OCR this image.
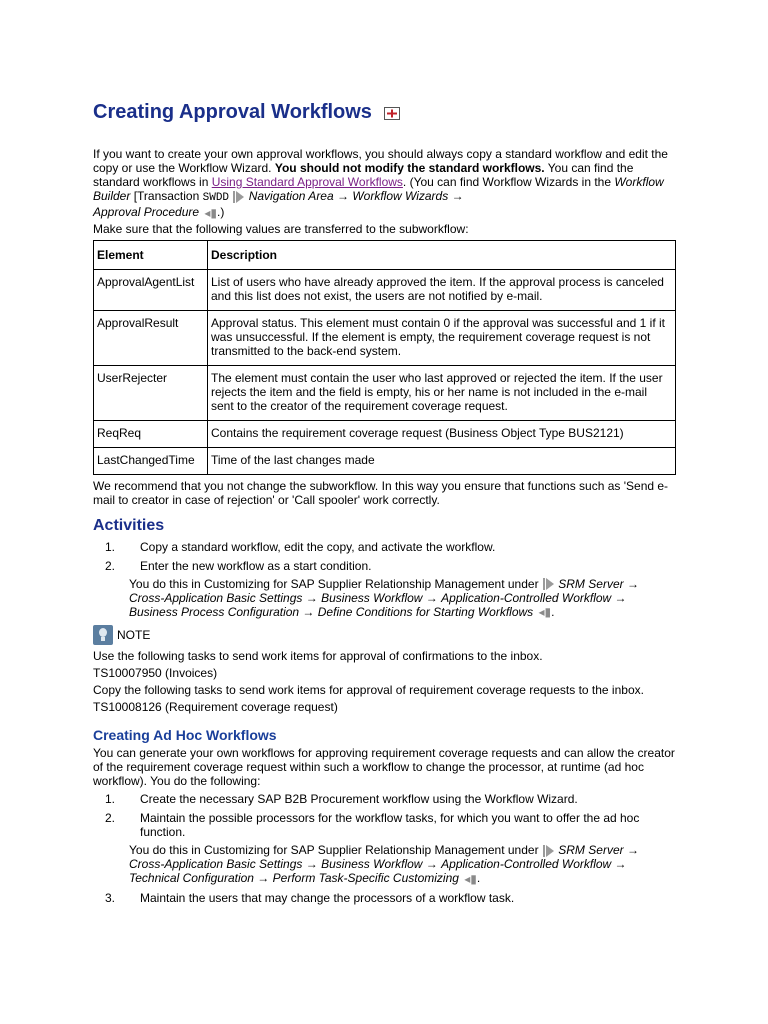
Creating Approval Workflows

If you want to create your own approval workflows, you should always copy a standard workflow and edit the copy or use the Workflow Wizard. You should not modify the standard workflows. You can find the standard workflows in Using Standard Approval Workflows. (You can find Workflow Wizards in the Workflow Builder [Transaction SWDD Navigation Area → Workflow Wizards →
Approval Procedure ◂▮.)

Make sure that the following values are transferred to the subworkflow:

Element	Description
ApprovalAgentList	List of users who have already approved the item. If the approval process is canceled and this list does not exist, the users are not notified by e-mail.
ApprovalResult	Approval status. This element must contain 0 if the approval was successful and 1 if it was unsuccessful. If the element is empty, the requirement coverage request is not transmitted to the back-end system.
UserRejecter	The element must contain the user who last approved or rejected the item. If the user rejects the item and the field is empty, his or her name is not included in the e-mail sent to the creator of the requirement coverage request.
ReqReq	Contains the requirement coverage request (Business Object Type BUS2121)
LastChangedTime	Time of the last changes made

We recommend that you not change the subworkflow. In this way you ensure that functions such as 'Send e-mail to creator in case of rejection' or 'Call spooler' work correctly.

Activities
1. Copy a standard workflow, edit the copy, and activate the workflow.
2. Enter the new workflow as a start condition.
You do this in Customizing for SAP Supplier Relationship Management under  SRM Server →
Cross-Application Basic Settings → Business Workflow → Application-Controlled Workflow →
Business Process Configuration → Define Conditions for Starting Workflows ◂▮.
NOTE

Use the following tasks to send work items for approval of confirmations to the inbox.

TS10007950 (Invoices)

Copy the following tasks to send work items for approval of requirement coverage requests to the inbox.

TS10008126 (Requirement coverage request)

Creating Ad Hoc Workflows

You can generate your own workflows for approving requirement coverage requests and can allow the creator of the requirement coverage request within such a workflow to change the processor, at runtime (ad hoc workflow). You do the following:

1. Create the necessary SAP B2B Procurement workflow using the Workflow Wizard.
2. Maintain the possible processors for the workflow tasks, for which you want to offer the ad hoc function.
You do this in Customizing for SAP Supplier Relationship Management under  SRM Server →
Cross-Application Basic Settings → Business Workflow → Application-Controlled Workflow →
Technical Configuration → Perform Task-Specific Customizing ◂▮.
3. Maintain the users that may change the processors of a workflow task.
